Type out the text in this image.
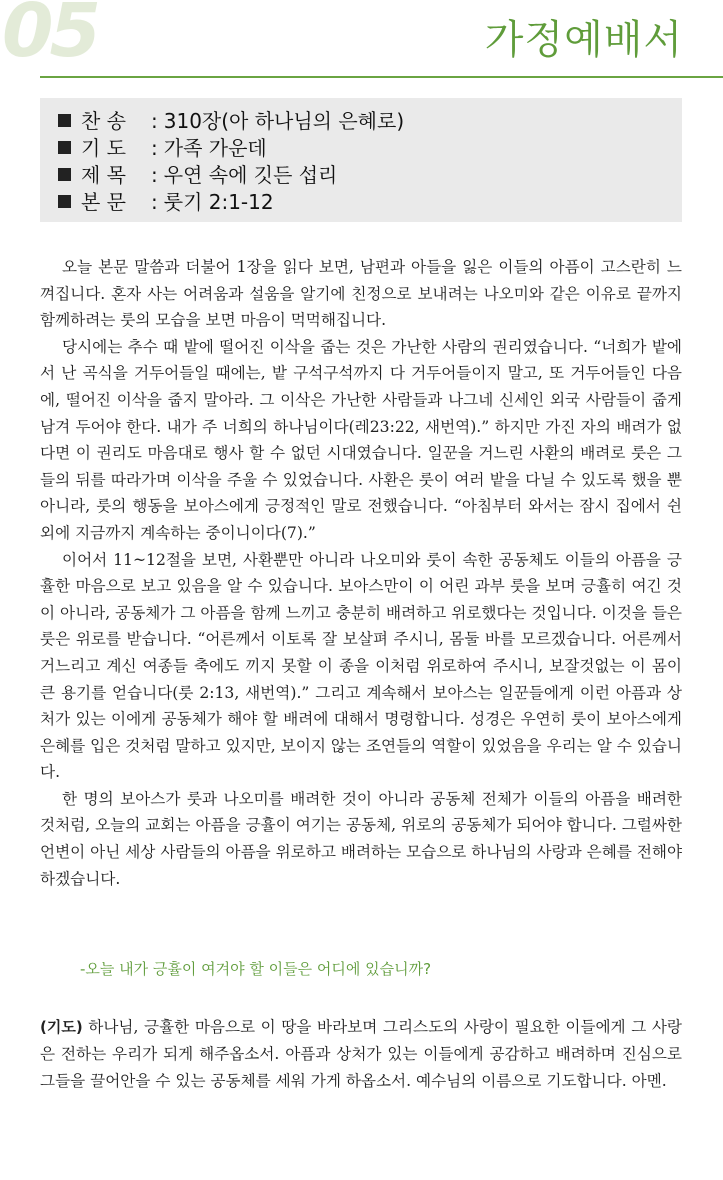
05	가정예배서
찬 송 : 310장(아 하나님의 은혜로)
기 도 : 가족 가운데
제 목 : 우연 속에 깃든 섭리
본 문 : 룻기 2:1-12

오늘 본문 말씀과 더불어 1장을 읽다 보면, 남편과 아들을 잃은 이들의 아픔이 고스란히 느껴집니다. 혼자 사는 어려움과 설움을 알기에 친정으로 보내려는 나오미와 같은 이유로 끝까지 함께하려는 룻의 모습을 보면 마음이 먹먹해집니다.

당시에는 추수 때 밭에 떨어진 이삭을 줍는 것은 가난한 사람의 권리였습니다. “너희가 밭에서 난 곡식을 거두어들일 때에는, 밭 구석구석까지 다 거두어들이지 말고, 또 거두어들인 다음에, 떨어진 이삭을 줍지 말아라. 그 이삭은 가난한 사람들과 나그네 신세인 외국 사람들이 줍게 남겨 두어야 한다. 내가 주 너희의 하나님이다(레23:22, 새번역).” 하지만 가진 자의 배려가 없다면 이 권리도 마음대로 행사 할 수 없던 시대였습니다. 일꾼을 거느린 사환의 배려로 룻은 그들의 뒤를 따라가며 이삭을 주울 수 있었습니다. 사환은 룻이 여러 밭을 다닐 수 있도록 했을 뿐 아니라, 룻의 행동을 보아스에게 긍정적인 말로 전했습니다. “아침부터 와서는 잠시 집에서 쉰 외에 지금까지 계속하는 중이니이다(7).”

이어서 11~12절을 보면, 사환뿐만 아니라 나오미와 룻이 속한 공동체도 이들의 아픔을 긍휼한 마음으로 보고 있음을 알 수 있습니다. 보아스만이 이 어린 과부 룻을 보며 긍휼히 여긴 것이 아니라, 공동체가 그 아픔을 함께 느끼고 충분히 배려하고 위로했다는 것입니다. 이것을 들은 룻은 위로를 받습니다. “어른께서 이토록 잘 보살펴 주시니, 몸둘 바를 모르겠습니다. 어른께서 거느리고 계신 여종들 축에도 끼지 못할 이 종을 이처럼 위로하여 주시니, 보잘것없는 이 몸이 큰 용기를 얻습니다(룻 2:13, 새번역).” 그리고 계속해서 보아스는 일꾼들에게 이런 아픔과 상처가 있는 이에게 공동체가 해야 할 배려에 대해서 명령합니다. 성경은 우연히 룻이 보아스에게 은혜를 입은 것처럼 말하고 있지만, 보이지 않는 조연들의 역할이 있었음을 우리는 알 수 있습니다.

한 명의 보아스가 룻과 나오미를 배려한 것이 아니라 공동체 전체가 이들의 아픔을 배려한 것처럼, 오늘의 교회는 아픔을 긍휼이 여기는 공동체, 위로의 공동체가 되어야 합니다. 그럴싸한 언변이 아닌 세상 사람들의 아픔을 위로하고 배려하는 모습으로 하나님의 사랑과 은혜를 전해야 하겠습니다.

-오늘 내가 긍휼이 여겨야 할 이들은 어디에 있습니까?

(기도) 하나님, 긍휼한 마음으로 이 땅을 바라보며 그리스도의 사랑이 필요한 이들에게 그 사랑은 전하는 우리가 되게 해주옵소서. 아픔과 상처가 있는 이들에게 공감하고 배려하며 진심으로 그들을 끌어안을 수 있는 공동체를 세워 가게 하옵소서. 예수님의 이름으로 기도합니다. 아멘.
